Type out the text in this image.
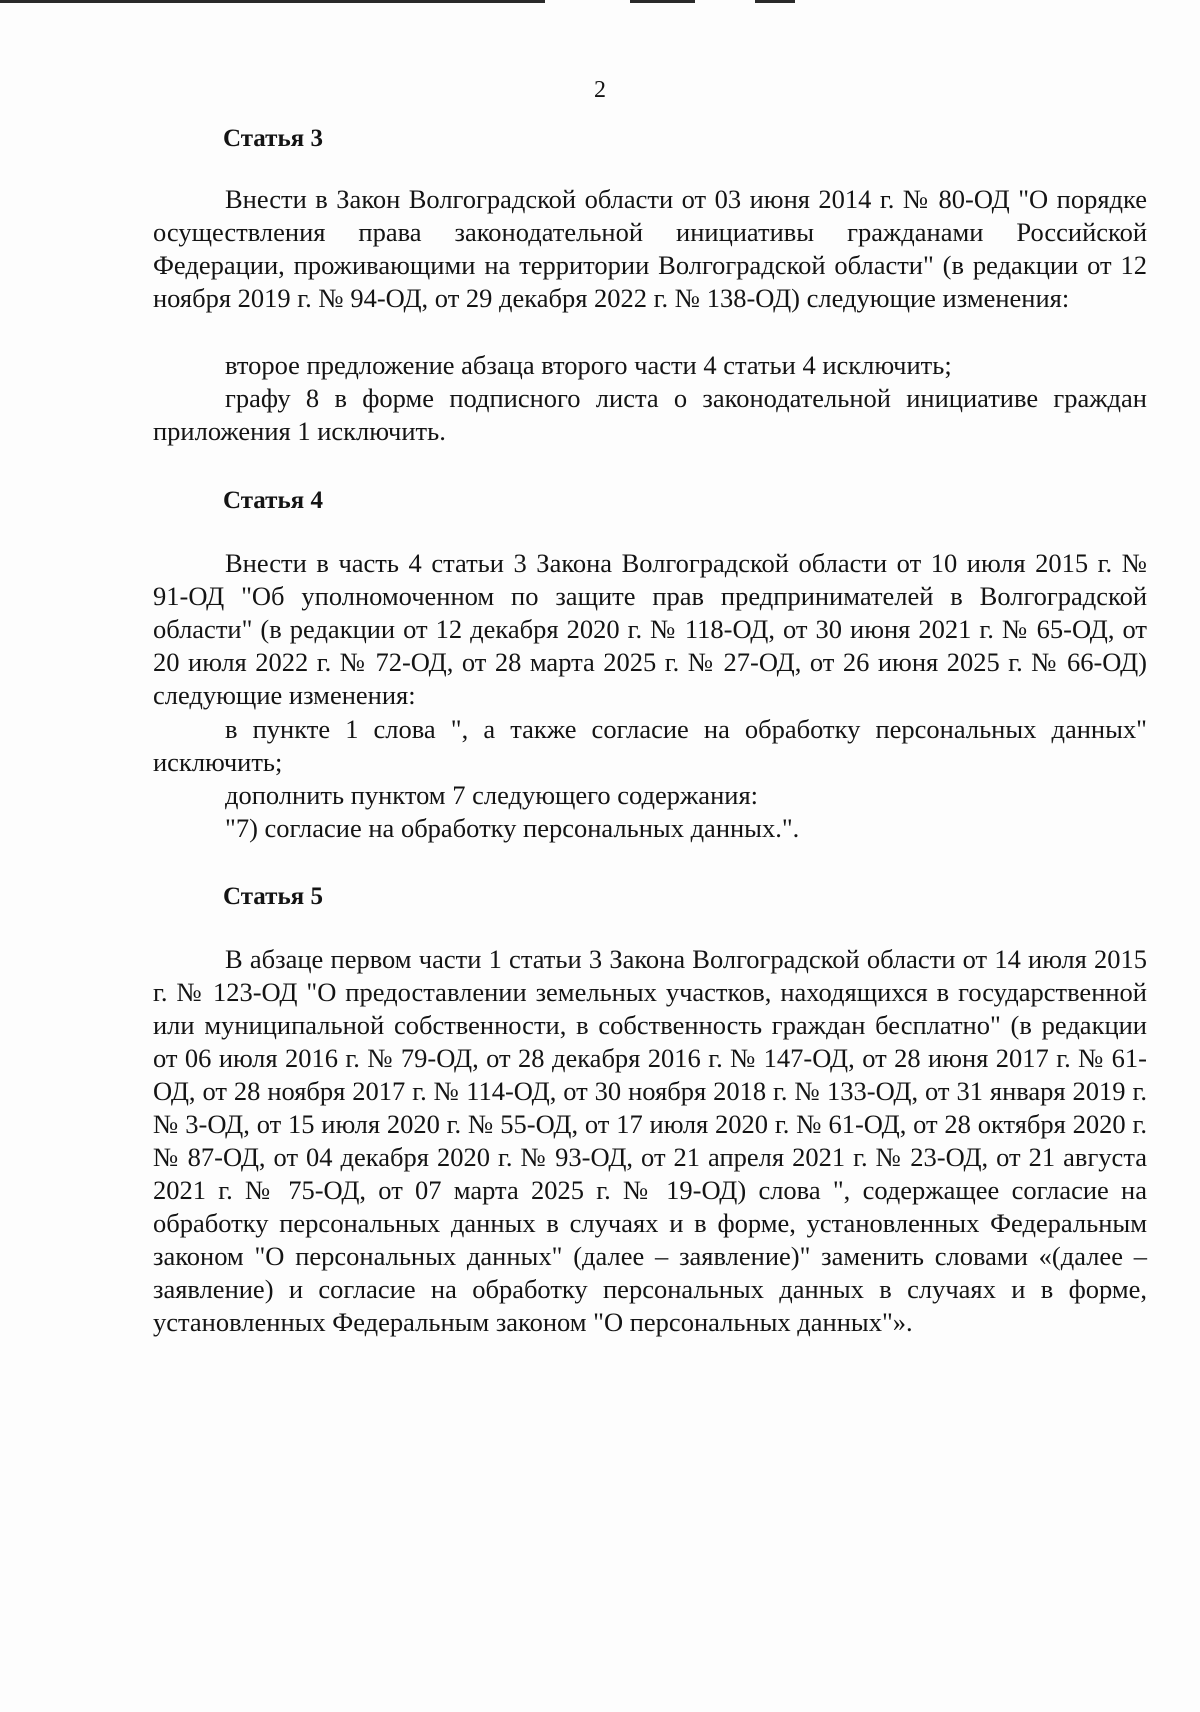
2
Статья 3

Внести в Закон Волгоградской области от 03 июня 2014 г. № 80-ОД "О порядке осуществления права законодательной инициативы гражданами Российской Федерации, проживающими на территории Волгоградской области" (в редакции от 12 ноября 2019 г. № 94-ОД, от 29 декабря 2022 г. № 138-ОД) следующие изменения:

второе предложение абзаца второго части 4 статьи 4 исключить;

графу 8 в форме подписного листа о законодательной инициативе граждан приложения 1 исключить.

Статья 4

Внести в часть 4 статьи 3 Закона Волгоградской области от 10 июля 2015 г. № 91-ОД "Об уполномоченном по защите прав предпринимателей в Волгоградской области" (в редакции от 12 декабря 2020 г. № 118-ОД, от 30 июня 2021 г. № 65-ОД, от 20 июля 2022 г. № 72-ОД, от 28 марта 2025 г. № 27-ОД, от 26 июня 2025 г. № 66-ОД) следующие изменения:

в пункте 1 слова ", а также согласие на обработку персональных данных" исключить;

дополнить пунктом 7 следующего содержания:

"7) согласие на обработку персональных данных.".

Статья 5

В абзаце первом части 1 статьи 3 Закона Волгоградской области от 14 июля 2015 г. № 123-ОД "О предоставлении земельных участков, находящихся в государственной или муниципальной собственности, в собственность граждан бесплатно" (в редакции от 06 июля 2016 г. № 79-ОД, от 28 декабря 2016 г. № 147-ОД, от 28 июня 2017 г. № 61-ОД, от 28 ноября 2017 г. № 114-ОД, от 30 ноября 2018 г. № 133-ОД, от 31 января 2019 г. № 3-ОД, от 15 июля 2020 г. № 55-ОД, от 17 июля 2020 г. № 61-ОД, от 28 октября 2020 г. № 87-ОД, от 04 декабря 2020 г. № 93-ОД, от 21 апреля 2021 г. № 23-ОД, от 21 августа 2021 г. № 75-ОД, от 07 марта 2025 г. № 19-ОД) слова ", содержащее согласие на обработку персональных данных в случаях и в форме, установленных Федеральным законом "О персональных данных" (далее – заявление)" заменить словами «(далее – заявление) и согласие на обработку персональных данных в случаях и в форме, установленных Федеральным законом "О персональных данных"».
